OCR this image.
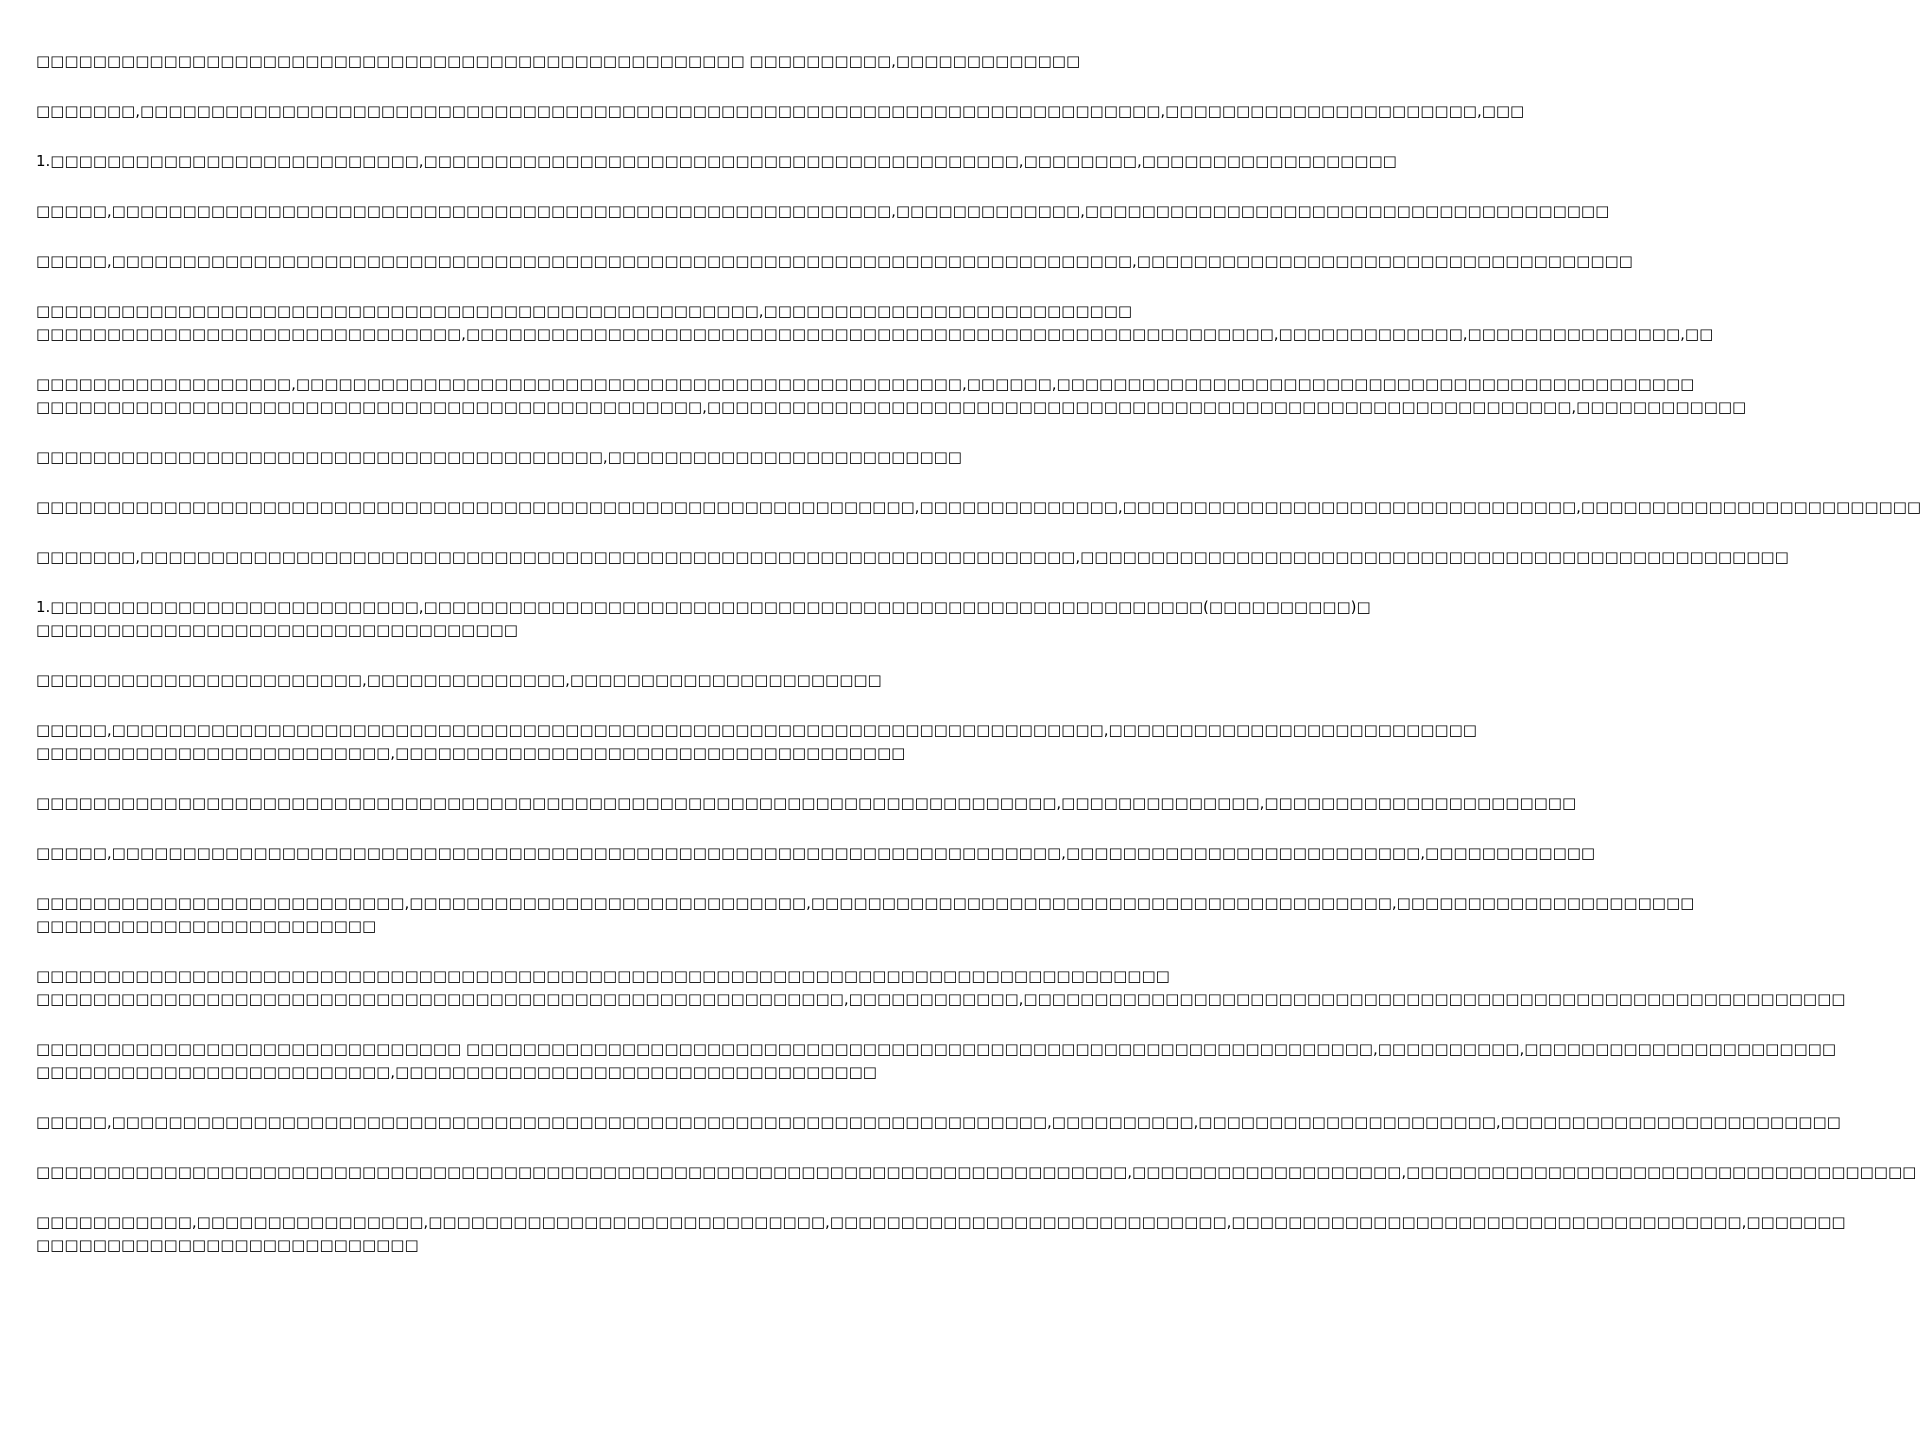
□□□□□□□□□□□□□□□□□□□□□□□□□□□□□□□□□□□□□□□□□□□□□□□□□□ □□□□□□□□□□,□□□□□□□□□□□□□
□□□□□□□,□□□□□□□□□□□□□□□□□□□□□□□□□□□□□□□□□□□□□□□□□□□□□□□□□□□□□□□□□□□□□□□□□□□□□□□□,□□□□□□□□□□□□□□□□□□□□□□,□□□
1.□□□□□□□□□□□□□□□□□□□□□□□□□□,□□□□□□□□□□□□□□□□□□□□□□□□□□□□□□□□□□□□□□□□□□,□□□□□□□□,□□□□□□□□□□□□□□□□□□
□□□□□,□□□□□□□□□□□□□□□□□□□□□□□□□□□□□□□□□□□□□□□□□□□□□□□□□□□□□□□,□□□□□□□□□□□□□,□□□□□□□□□□□□□□□□□□□□□□□□□□□□□□□□□□□□□
□□□□□,□□□□□□□□□□□□□□□□□□□□□□□□□□□□□□□□□□□□□□□□□□□□□□□□□□□□□□□□□□□□□□□□□□□□□□□□,□□□□□□□□□□□□□□□□□□□□□□□□□□□□□□□□□□□
□□□□□□□□□□□□□□□□□□□□□□□□□□□□□□□□□□□□□□□□□□□□□□□□□□□,□□□□□□□□□□□□□□□□□□□□□□□□□□
□□□□□□□□□□□□□□□□□□□□□□□□□□□□□□,□□□□□□□□□□□□□□□□□□□□□□□□□□□□□□□□□□□□□□□□□□□□□□□□□□□□□□□□□,□□□□□□□□□□□□□,□□□□□□□□□□□□□□□,□□
□□□□□□□□□□□□□□□□□□,□□□□□□□□□□□□□□□□□□□□□□□□□□□□□□□□□□□□□□□□□□□□□□□,□□□□□□,□□□□□□□□□□□□□□□□□□□□□□□□□□□□□□□□□□□□□□□□□□□□□
□□□□□□□□□□□□□□□□□□□□□□□□□□□□□□□□□□□□□□□□□□□□□□□,□□□□□□□□□□□□□□□□□□□□□□□□□□□□□□□□□□□□□□□□□□□□□□□□□□□□□□□□□□□□□,□□□□□□□□□□□□
□□□□□□□□□□□□□□□□□□□□□□□□□□□□□□□□□□□□□□□□,□□□□□□□□□□□□□□□□□□□□□□□□□
□□□□□□□□□□□□□□□□□□□□□□□□□□□□□□□□□□□□□□□□□□□□□□□□□□□□□□□□□□□□□□,□□□□□□□□□□□□□□,□□□□□□□□□□□□□□□□□□□□□□□□□□□□□□□□,□□□□□□□□□□□□□□□□□□□□□□□□
□□□□□□□,□□□□□□□□□□□□□□□□□□□□□□□□□□□□□□□□□□□□□□□□□□□□□□□□□□□□□□□□□□□□□□□□□□,□□□□□□□□□□□□□□□□□□□□□□□□□□□□□□□□□□□□□□□□□□□□□□□□□□
1.□□□□□□□□□□□□□□□□□□□□□□□□□□,□□□□□□□□□□□□□□□□□□□□□□□□□□□□□□□□□□□□□□□□□□□□□□□□□□□□□□□(□□□□□□□□□□)□
□□□□□□□□□□□□□□□□□□□□□□□□□□□□□□□□□□
□□□□□□□□□□□□□□□□□□□□□□□,□□□□□□□□□□□□□□,□□□□□□□□□□□□□□□□□□□□□□
□□□□□,□□□□□□□□□□□□□□□□□□□□□□□□□□□□□□□□□□□□□□□□□□□□□□□□□□□□□□□□□□□□□□□□□□□□□□,□□□□□□□□□□□□□□□□□□□□□□□□□□
□□□□□□□□□□□□□□□□□□□□□□□□□,□□□□□□□□□□□□□□□□□□□□□□□□□□□□□□□□□□□□
□□□□□□□□□□□□□□□□□□□□□□□□□□□□□□□□□□□□□□□□□□□□□□□□□□□□□□□□□□□□□□□□□□□□□□□□,□□□□□□□□□□□□□□,□□□□□□□□□□□□□□□□□□□□□□
□□□□□,□□□□□□□□□□□□□□□□□□□□□□□□□□□□□□□□□□□□□□□□□□□□□□□□□□□□□□□□□□□□□□□□□□□,□□□□□□□□□□□□□□□□□□□□□□□□□,□□□□□□□□□□□□
□□□□□□□□□□□□□□□□□□□□□□□□□□,□□□□□□□□□□□□□□□□□□□□□□□□□□□□,□□□□□□□□□□□□□□□□□□□□□□□□□□□□□□□□□□□□□□□□□,□□□□□□□□□□□□□□□□□□□□□
□□□□□□□□□□□□□□□□□□□□□□□□
□□□□□□□□□□□□□□□□□□□□□□□□□□□□□□□□□□□□□□□□□□□□□□□□□□□□□□□□□□□□□□□□□□□□□□□□□□□□□□□□
□□□□□□□□□□□□□□□□□□□□□□□□□□□□□□□□□□□□□□□□□□□□□□□□□□□□□□□□□,□□□□□□□□□□□□,□□□□□□□□□□□□□□□□□□□□□□□□□□□□□□□□□□□□□□□□□□□□□□□□□□□□□□□□□□
□□□□□□□□□□□□□□□□□□□□□□□□□□□□□□ □□□□□□□□□□□□□□□□□□□□□□□□□□□□□□□□□□□□□□□□□□□□□□□□□□□□□□□□□□□□□□□□,□□□□□□□□□□,□□□□□□□□□□□□□□□□□□□□□□
□□□□□□□□□□□□□□□□□□□□□□□□□,□□□□□□□□□□□□□□□□□□□□□□□□□□□□□□□□□□
□□□□□,□□□□□□□□□□□□□□□□□□□□□□□□□□□□□□□□□□□□□□□□□□□□□□□□□□□□□□□□□□□□□□□□□□,□□□□□□□□□□,□□□□□□□□□□□□□□□□□□□□□,□□□□□□□□□□□□□□□□□□□□□□□□
□□□□□□□□□□□□□□□□□□□□□□□□□□□□□□□□□□□□□□□□□□□□□□□□□□□□□□□□□□□□□□□□□□□□□□□□□□□□□,□□□□□□□□□□□□□□□□□□□,□□□□□□□□□□□□□□□□□□□□□□□□□□□□□□□□□□□□
□□□□□□□□□□□,□□□□□□□□□□□□□□□□,□□□□□□□□□□□□□□□□□□□□□□□□□□□□,□□□□□□□□□□□□□□□□□□□□□□□□□□□□,□□□□□□□□□□□□□□□□□□□□□□□□□□□□□□□□□□□□,□□□□□□□
□□□□□□□□□□□□□□□□□□□□□□□□□□□
